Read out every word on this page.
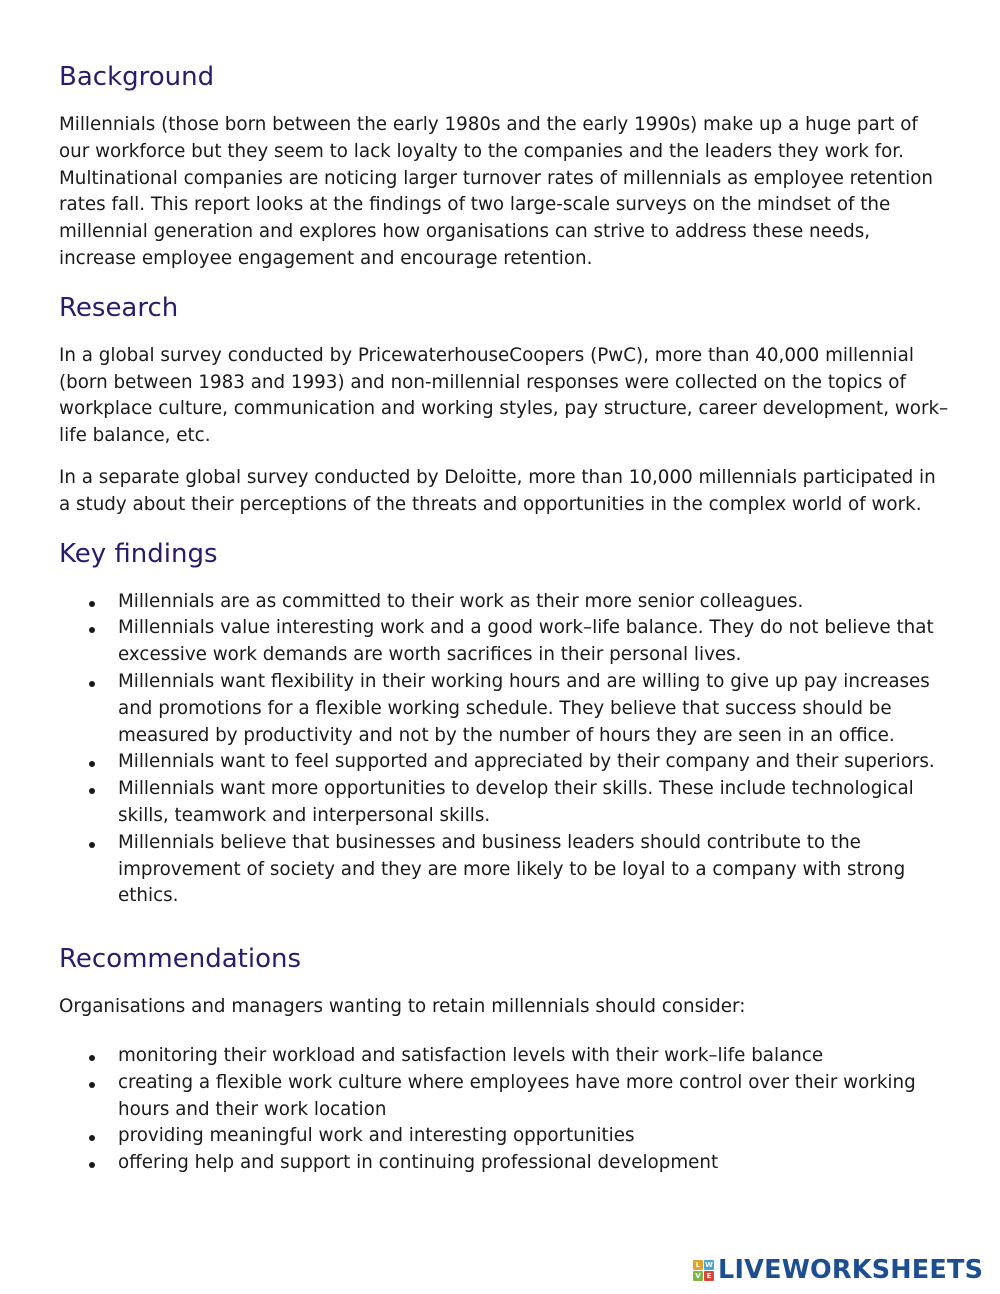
Background

Millennials (those born between the early 1980s and the early 1990s) make up a huge part of our workforce but they seem to lack loyalty to the companies and the leaders they work for. Multinational companies are noticing larger turnover rates of millennials as employee retention rates fall. This report looks at the findings of two large-scale surveys on the mindset of the millennial generation and explores how organisations can strive to address these needs, increase employee engagement and encourage retention.

Research

In a global survey conducted by PricewaterhouseCoopers (PwC), more than 40,000 millennial (born between 1983 and 1993) and non-millennial responses were collected on the topics of workplace culture, communication and working styles, pay structure, career development, work–life balance, etc.

In a separate global survey conducted by Deloitte, more than 10,000 millennials participated in a study about their perceptions of the threats and opportunities in the complex world of work.

Key findings
Millennials are as committed to their work as their more senior colleagues.
Millennials value interesting work and a good work–life balance. They do not believe that excessive work demands are worth sacrifices in their personal lives.
Millennials want flexibility in their working hours and are willing to give up pay increases and promotions for a flexible working schedule. They believe that success should be measured by productivity and not by the number of hours they are seen in an office.
Millennials want to feel supported and appreciated by their company and their superiors.
Millennials want more opportunities to develop their skills. These include technological skills, teamwork and interpersonal skills.
Millennials believe that businesses and business leaders should contribute to the improvement of society and they are more likely to be loyal to a company with strong ethics.
Recommendations

Organisations and managers wanting to retain millennials should consider:

monitoring their workload and satisfaction levels with their work–life balance
creating a flexible work culture where employees have more control over their working hours and their work location
providing meaningful work and interesting opportunities
offering help and support in continuing professional development
L W
V E LIVEWORKSHEETS
